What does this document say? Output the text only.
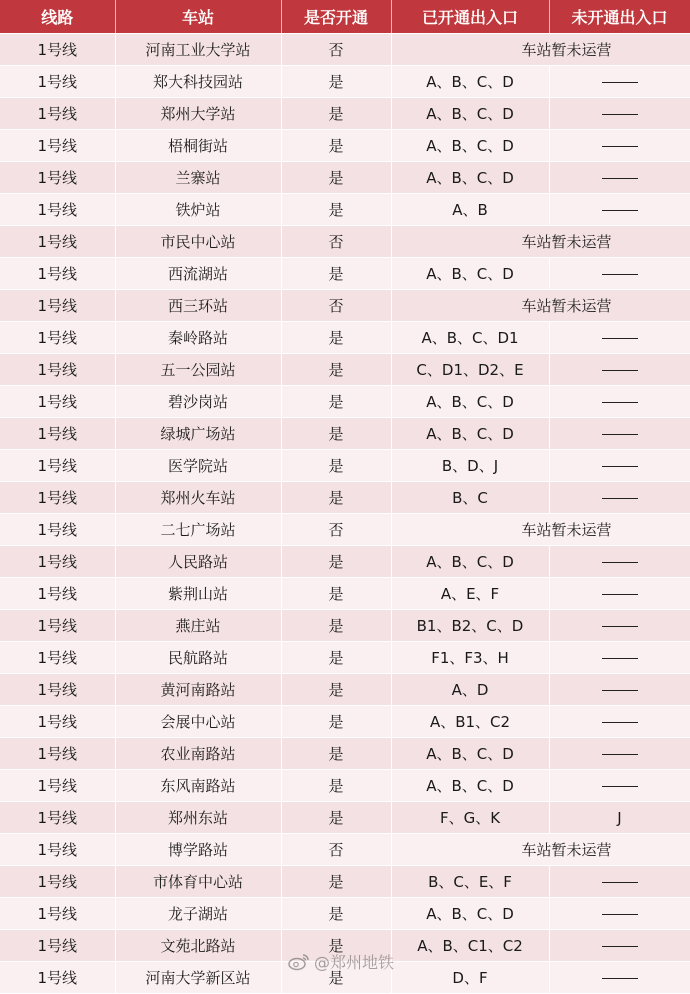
线路	车站	是否开通	已开通出入口	未开通出入口
1号线	河南工业大学站	否	车站暂未运营	
1号线	郑大科技园站	是	A、B、C、D	
1号线	郑州大学站	是	A、B、C、D	
1号线	梧桐街站	是	A、B、C、D	
1号线	兰寨站	是	A、B、C、D	
1号线	铁炉站	是	A、B	
1号线	市民中心站	否	车站暂未运营	
1号线	西流湖站	是	A、B、C、D	
1号线	西三环站	否	车站暂未运营	
1号线	秦岭路站	是	A、B、C、D1	
1号线	五一公园站	是	C、D1、D2、E	
1号线	碧沙岗站	是	A、B、C、D	
1号线	绿城广场站	是	A、B、C、D	
1号线	医学院站	是	B、D、J	
1号线	郑州火车站	是	B、C	
1号线	二七广场站	否	车站暂未运营	
1号线	人民路站	是	A、B、C、D	
1号线	紫荆山站	是	A、E、F	
1号线	燕庄站	是	B1、B2、C、D	
1号线	民航路站	是	F1、F3、H	
1号线	黄河南路站	是	A、D	
1号线	会展中心站	是	A、B1、C2	
1号线	农业南路站	是	A、B、C、D	
1号线	东风南路站	是	A、B、C、D	
1号线	郑州东站	是	F、G、K	J
1号线	博学路站	否	车站暂未运营	
1号线	市体育中心站	是	B、C、E、F	
1号线	龙子湖站	是	A、B、C、D	
1号线	文苑北路站	是	A、B、C1、C2	
1号线	河南大学新区站	是	D、F	
@郑州地铁
